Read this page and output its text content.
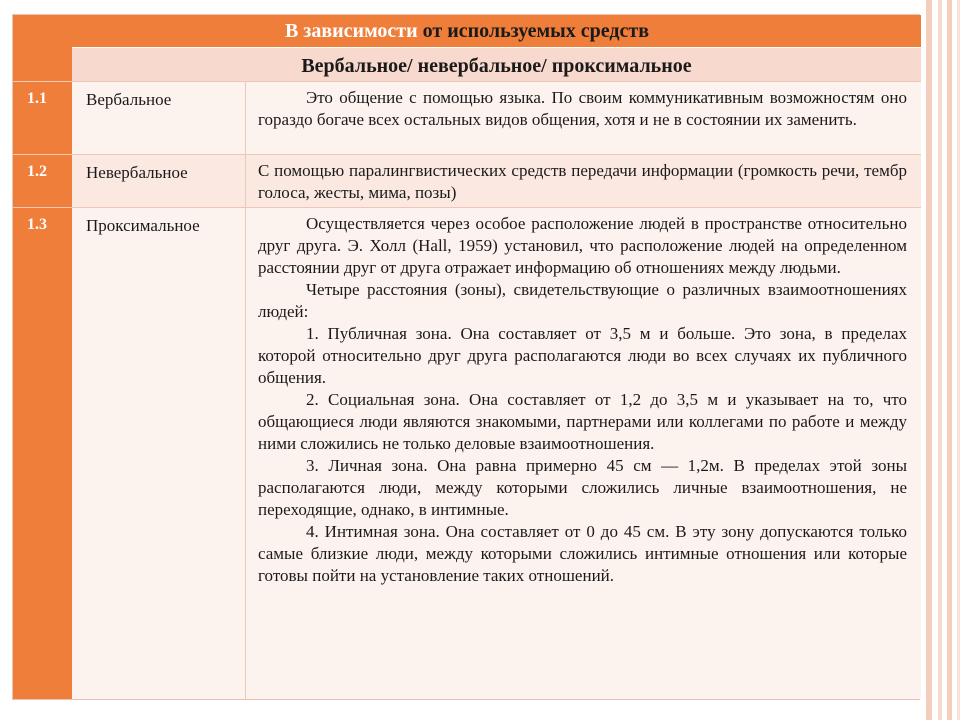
В зависимости от используемых средств
Вербальное/ невербальное/ проксимальное
1.1	Вербальное	Это общение с помощью языка. По своим коммуникативным возможностям оно гораздо богаче всех остальных видов общения, хотя и не в состоянии их заменить.

1.2	Невербальное	С помощью паралингвистических средств передачи информации (громкость речи, тембр голоса, жесты, мима, позы)

1.3	Проксимальное	Осуществляется через особое расположение людей в пространстве относительно друг друга. Э. Холл (Hall, 1959) установил, что расположение людей на определенном расстоянии друг от друга отражает информацию об отношениях между людьми.

Четыре расстояния (зоны), свидетельствующие о различных взаимоотношениях людей:

1. Публичная зона. Она составляет от 3,5 м и больше. Это зона, в пределах которой относительно друг друга располагаются люди во всех случаях их публичного общения.

2. Социальная зона. Она составляет от 1,2 до 3,5 м и указывает на то, что общающиеся люди являются знакомыми, партнерами или коллегами по работе и между ними сложились не только деловые взаимоотношения.

3. Личная зона. Она равна примерно 45 см — 1,2м. В пределах этой зоны располагаются люди, между которыми сложились личные взаимоотношения, не переходящие, однако, в интимные.

4. Интимная зона. Она составляет от 0 до 45 см. В эту зону допускаются только самые близкие люди, между которыми сложились интимные отношения или которые готовы пойти на установление таких отношений.
